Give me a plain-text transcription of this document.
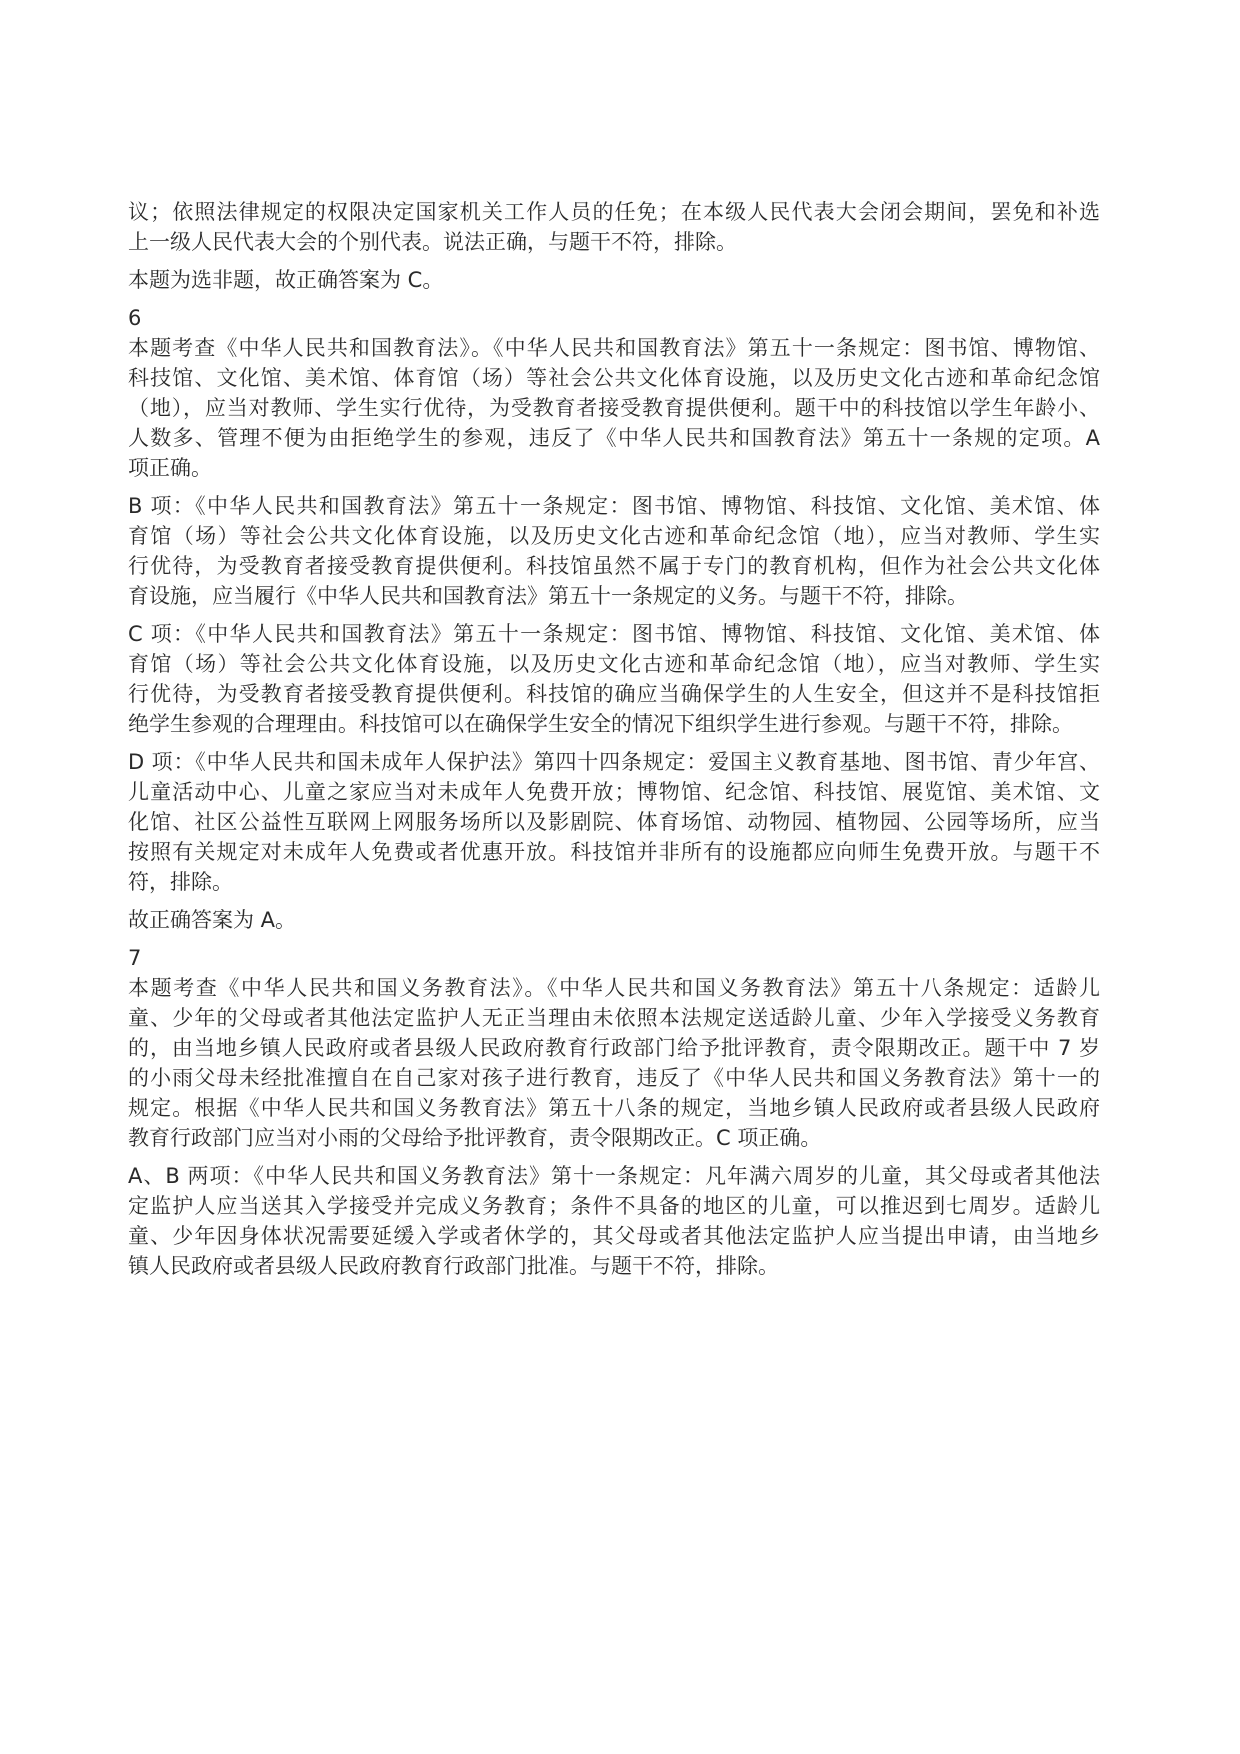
议；依照法律规定的权限决定国家机关工作人员的任免；在本级人民代表大会闭会期间，罢免和补选
上一级人民代表大会的个别代表。说法正确，与题干不符，排除。
本题为选非题，故正确答案为 C。
6
本题考查《中华人民共和国教育法》。《中华人民共和国教育法》第五十一条规定：图书馆、博物馆、
科技馆、文化馆、美术馆、体育馆（场）等社会公共文化体育设施，以及历史文化古迹和革命纪念馆
（地），应当对教师、学生实行优待，为受教育者接受教育提供便利。题干中的科技馆以学生年龄小、
人数多、管理不便为由拒绝学生的参观，违反了《中华人民共和国教育法》第五十一条规的定项。A
项正确。
B 项：《中华人民共和国教育法》第五十一条规定：图书馆、博物馆、科技馆、文化馆、美术馆、体
育馆（场）等社会公共文化体育设施，以及历史文化古迹和革命纪念馆（地），应当对教师、学生实
行优待，为受教育者接受教育提供便利。科技馆虽然不属于专门的教育机构，但作为社会公共文化体
育设施，应当履行《中华人民共和国教育法》第五十一条规定的义务。与题干不符，排除。
C 项：《中华人民共和国教育法》第五十一条规定：图书馆、博物馆、科技馆、文化馆、美术馆、体
育馆（场）等社会公共文化体育设施，以及历史文化古迹和革命纪念馆（地），应当对教师、学生实
行优待，为受教育者接受教育提供便利。科技馆的确应当确保学生的人生安全，但这并不是科技馆拒
绝学生参观的合理理由。科技馆可以在确保学生安全的情况下组织学生进行参观。与题干不符，排除。
D 项：《中华人民共和国未成年人保护法》第四十四条规定：爱国主义教育基地、图书馆、青少年宫、
儿童活动中心、儿童之家应当对未成年人免费开放；博物馆、纪念馆、科技馆、展览馆、美术馆、文
化馆、社区公益性互联网上网服务场所以及影剧院、体育场馆、动物园、植物园、公园等场所，应当
按照有关规定对未成年人免费或者优惠开放。科技馆并非所有的设施都应向师生免费开放。与题干不
符，排除。
故正确答案为 A。
7
本题考查《中华人民共和国义务教育法》。《中华人民共和国义务教育法》第五十八条规定：适龄儿
童、少年的父母或者其他法定监护人无正当理由未依照本法规定送适龄儿童、少年入学接受义务教育
的，由当地乡镇人民政府或者县级人民政府教育行政部门给予批评教育，责令限期改正。题干中 7 岁
的小雨父母未经批准擅自在自己家对孩子进行教育，违反了《中华人民共和国义务教育法》第十一的
规定。根据《中华人民共和国义务教育法》第五十八条的规定，当地乡镇人民政府或者县级人民政府
教育行政部门应当对小雨的父母给予批评教育，责令限期改正。C 项正确。
A、B 两项：《中华人民共和国义务教育法》第十一条规定：凡年满六周岁的儿童，其父母或者其他法
定监护人应当送其入学接受并完成义务教育；条件不具备的地区的儿童，可以推迟到七周岁。适龄儿
童、少年因身体状况需要延缓入学或者休学的，其父母或者其他法定监护人应当提出申请，由当地乡
镇人民政府或者县级人民政府教育行政部门批准。与题干不符，排除。
